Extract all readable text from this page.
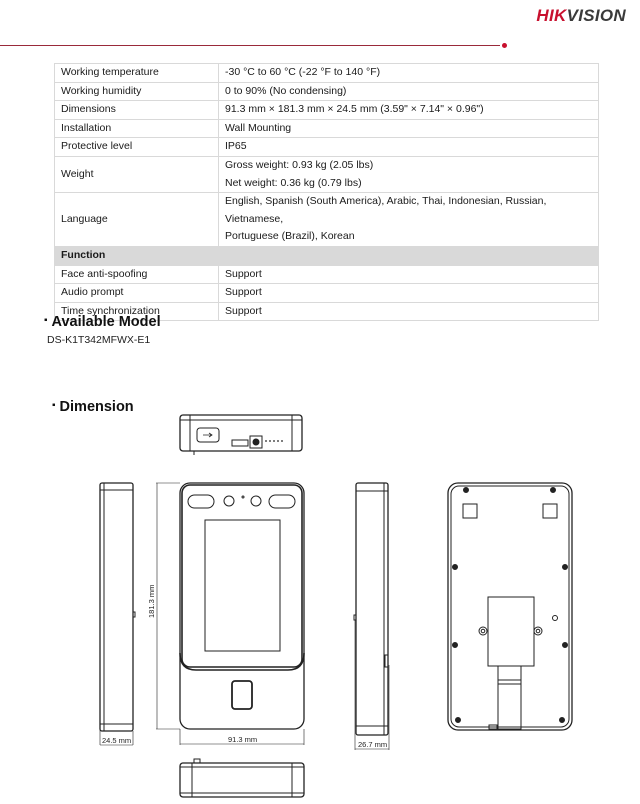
HIKVISION
Working temperature	-30 °C to 60 °C (-22 °F to 140 °F)
Working humidity	0 to 90% (No condensing)
Dimensions	91.3 mm × 181.3 mm × 24.5 mm (3.59" × 7.14" × 0.96")
Installation	Wall Mounting
Protective level	IP65
Weight	Gross weight: 0.93 kg (2.05 lbs)
Net weight: 0.36 kg (0.79 lbs)

Language	English, Spanish (South America), Arabic, Thai, Indonesian, Russian, Vietnamese,
Portuguese (Brazil), Korean

Function	
Face anti-spoofing	Support
Audio prompt	Support
Time synchronization	Support
▪ Available Model
DS-K1T342MFWX-E1
▪ Dimension
24.5 mm
181.3 mm
91.3 mm
26.7 mm
